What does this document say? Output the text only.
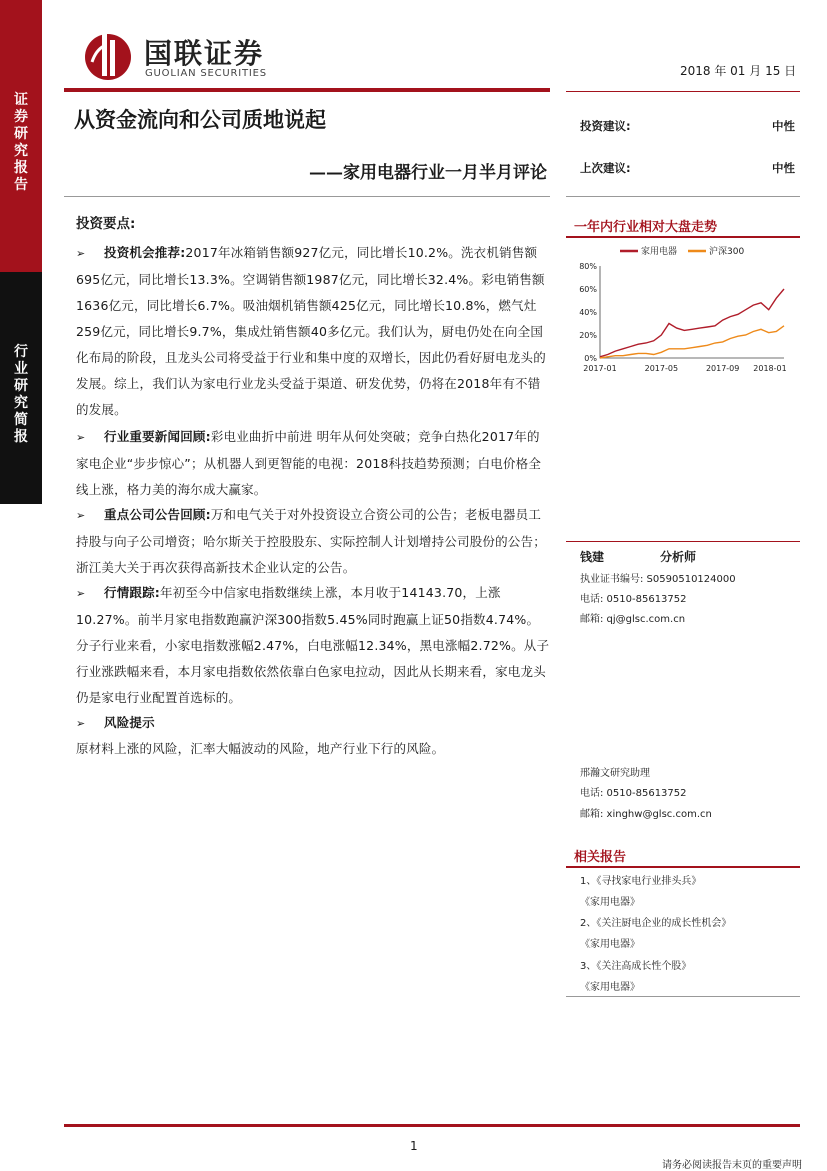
国联证券
GUOLIAN SECURITIES	2018 年 01 月 15 日
证
券
研
究
报
告
行
业
研
究
简
报
从资金流向和公司质地说起
——家用电器行业一月半月评论
投资建议:	中性
上次建议:	中性
投资要点:
➢ 投资机会推荐:2017年冰箱销售额927亿元，同比增长10.2%。洗衣机销售额695亿元，同比增长13.3%。空调销售额1987亿元，同比增长32.4%。彩电销售额1636亿元，同比增长6.7%。吸油烟机销售额425亿元，同比增长10.8%，燃气灶259亿元，同比增长9.7%，集成灶销售额40多亿元。我们认为，厨电仍处在向全国化布局的阶段，且龙头公司将受益于行业和集中度的双增长，因此仍看好厨电龙头的发展。综上，我们认为家电行业龙头受益于渠道、研发优势，仍将在2018年有不错的发展。
➢ 行业重要新闻回顾:彩电业曲折中前进 明年从何处突破；竞争白热化2017年的家电企业“步步惊心”；从机器人到更智能的电视：2018科技趋势预测；白电价格全线上涨，格力美的海尔成大赢家。
➢ 重点公司公告回顾:万和电气关于对外投资设立合资公司的公告；老板电器员工持股与向子公司增资；哈尔斯关于控股股东、实际控制人计划增持公司股份的公告；浙江美大关于再次获得高新技术企业认定的公告。
➢ 行情跟踪:年初至今中信家电指数继续上涨，本月收于14143.70，上涨10.27%。前半月家电指数跑赢沪深300指数5.45%同时跑赢上证50指数4.74%。分子行业来看，小家电指数涨幅2.47%，白电涨幅12.34%，黑电涨幅2.72%。从子行业涨跌幅来看，本月家电指数依然依靠白色家电拉动，因此从长期来看，家电龙头仍是家电行业配置首选标的。
➢ 风险提示
原材料上涨的风险，汇率大幅波动的风险，地产行业下行的风险。
一年内行业相对大盘走势
家用电器	沪深300
0%
20%
40%
60%
80%
2017-01	2017-05	2017-09 2018-01
钱建	分析师
执业证书编号: S0590510124000
电话: 0510-85613752
邮箱: qj@glsc.com.cn
邢瀚文研究助理
电话: 0510-85613752
邮箱: xinghw@glsc.com.cn
相关报告
1、《寻找家电行业排头兵》
《家用电器》
2、《关注厨电企业的成长性机会》
《家用电器》
3、《关注高成长性个股》
《家用电器》
1
请务必阅读报告末页的重要声明
